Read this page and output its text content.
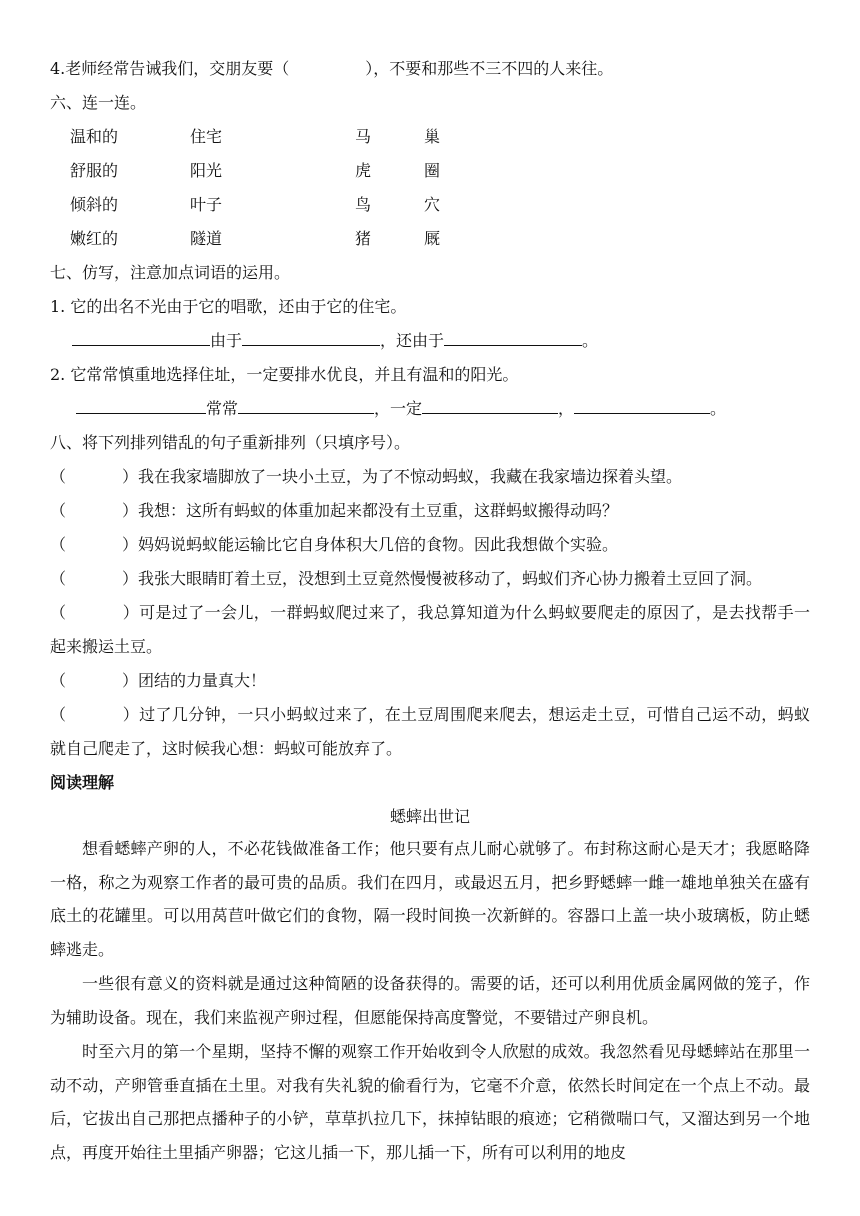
4.老师经常告诫我们，交朋友要（	），不要和那些不三不四的人来往。
六、连一连。
温和的	住宅	马	巢
舒服的	阳光	虎	圈
倾斜的	叶子	鸟	穴
嫩红的	隧道	猪	厩
七、仿写，注意加点词语的运用。
1. 它的出名不光由于它的唱歌，还由于它的住宅。
由于	，还由于	。
2. 它常常慎重地选择住址，一定要排水优良，并且有温和的阳光。
常常	，一定	，	。
八、将下列排列错乱的句子重新排列（只填序号）。
（	）我在我家墙脚放了一块小土豆，为了不惊动蚂蚁，我藏在我家墙边探着头望。
（	）我想：这所有蚂蚁的体重加起来都没有土豆重，这群蚂蚁搬得动吗？
（	）妈妈说蚂蚁能运输比它自身体积大几倍的食物。因此我想做个实验。
（	）我张大眼睛盯着土豆，没想到土豆竟然慢慢被移动了，蚂蚁们齐心协力搬着土豆回了洞。
（	）可是过了一会儿，一群蚂蚁爬过来了，我总算知道为什么蚂蚁要爬走的原因了，是去找帮手一起来搬运土豆。
（	）团结的力量真大！
（	）过了几分钟，一只小蚂蚁过来了，在土豆周围爬来爬去，想运走土豆，可惜自己运不动，蚂蚁就自己爬走了，这时候我心想：蚂蚁可能放弃了。
阅读理解
蟋蟀出世记
想看蟋蟀产卵的人，不必花钱做准备工作；他只要有点儿耐心就够了。布封称这耐心是天才；我愿略降一格，称之为观察工作者的最可贵的品质。我们在四月，或最迟五月，把乡野蟋蟀一雌一雄地单独关在盛有底土的花罐里。可以用莴苣叶做它们的食物，隔一段时间换一次新鲜的。容器口上盖一块小玻璃板，防止蟋蟀逃走。
一些很有意义的资料就是通过这种简陋的设备获得的。需要的话，还可以利用优质金属网做的笼子，作为辅助设备。现在，我们来监视产卵过程，但愿能保持高度警觉，不要错过产卵良机。
时至六月的第一个星期，坚持不懈的观察工作开始收到令人欣慰的成效。我忽然看见母蟋蟀站在那里一动不动，产卵管垂直插在土里。对我有失礼貌的偷看行为，它毫不介意，依然长时间定在一个点上不动。最后，它拔出自己那把点播种子的小铲，草草扒拉几下，抹掉钻眼的痕迹；它稍微喘口气，又溜达到另一个地点，再度开始往土里插产卵器；它这儿插一下，那儿插一下，所有可以利用的地皮
